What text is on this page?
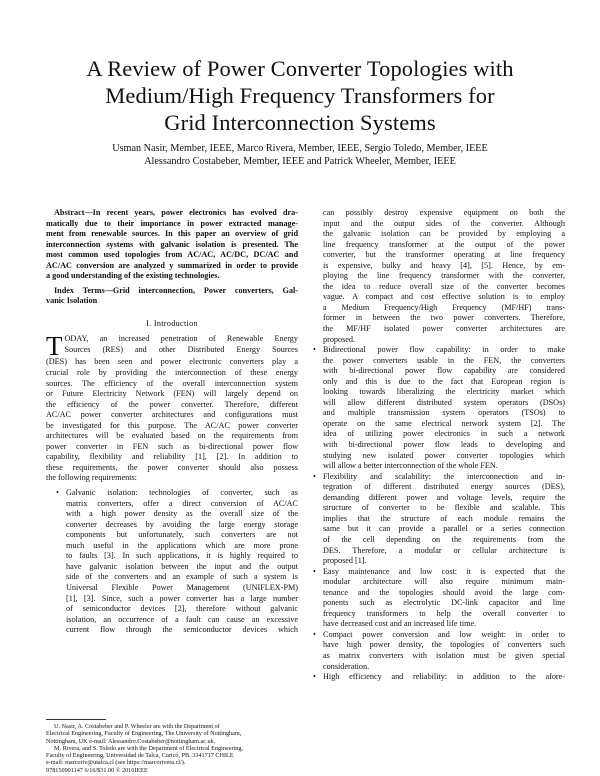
A Review of Power Converter Topologies with
Medium/High Frequency Transformers for
Grid Interconnection Systems
Usman Nasir, Member, IEEE, Marco Rivera, Member, IEEE, Sergio Toledo, Member, IEEE
Alessandro Costabeber, Member, IEEE and Patrick Wheeler, Member, IEEE
Abstract—In recent years, power electronics has evolved dra-
matically due to their importance in power extracted manage-
ment from renewable sources. In this paper an overview of grid
interconnection systems with galvanic isolation is presented. The
most common used topologies from AC/AC, AC/DC, DC/AC and
AC/AC conversion are analyzed y summarized in order to provide
a good understanding of the existing technologies.
Index Terms—Grid interconnection, Power converters, Gal-
vanic Isolation
I. Introduction
T ODAY, an increased penetration of Renewable Energy
Sources (RES) and other Distributed Energy Sources
(DES) has been seen and power electronic converters play a
crucial role by providing the interconnection of these energy
sources. The efficiency of the overall interconnection system
or Future Electricity Network (FEN) will largely depend on
the efficiency of the power converter. Therefore, different
AC/AC power converter architectures and configurations must
be investigated for this purpose. The AC/AC power converter
architectures will be evaluated based on the requirements from
power converter in FEN such as bi-directional power flow
capability, flexibility and reliability [1], [2]. In addition to
these requirements, the power converter should also possess
the following requirements:
• Galvanic isolation: technologies of converter, such as
matrix converters, offer a direct conversion of AC/AC
with a high power density as the overall size of the
converter decreases by avoiding the large energy storage
components but unfortunately, such converters are not
much useful in the applications which are more prone
to faults [3]. In such applications, it is highly required to
have galvanic isolation between the input and the output
side of the converters and an example of such a system is
Universal Flexible Power Management (UNIFLEX-PM)
[1], [3]. Since, such a power converter has a large number
of semiconductor devices [2], therefore without galvanic
isolation, an occurrence of a fault can cause an excessive
current flow through the semiconductor devices which
U. Nasir, A. Costabeber and P. Wheeler are with the Department of
Electrical Engineering, Faculty of Engineering, The University of Nottingham,
Nottingham, UK e-mail: Alessandro.Costabeber@nottingham.ac.uk.
M. Rivera, and S. Toledo are with the Department of Electrical Engineering,
Faculty of Engineering, Universidad de Talca, Curicó, PB. 3341717 CHILE
e-mail: marcoriv@utalca.cl (see https://marcorivera.cl/).
978150901147 6/16/$31.00 © 2016IEEE
can possibly destroy expensive equipment on both the
input and the output sides of the converter. Although
the galvanic isolation can be provided by employing a
line frequency transformer at the output of the power
converter, but the transformer operating at line frequency
is expensive, bulky and heavy [4], [5]. Hence, by em-
ploying the line frequency transformer with the converter,
the idea to reduce overall size of the converter becomes
vague. A compact and cost effective solution is to employ
a Medium Frequency/High Frequency (MF/HF) trans-
former in between the two power converters. Therefore,
the MF/HF isolated power converter architectures are
proposed.
• Bidirectional power flow capability: in order to make
the power converters usable in the FEN, the converters
with bi-directional power flow capability are considered
only and this is due to the fact that European region is
looking towards liberalizing the electricity market which
will allow different distributed system operators (DSOs)
and multiple transmission system operators (TSOs) to
operate on the same electrical network system [2]. The
idea of utilizing power electronics in such a network
with bi-directional power flow leads to developing and
studying new isolated power converter topologies which
will allow a better interconnection of the whole FEN.
• Flexibility and scalability: the interconnection and in-
tegration of different distributed energy sources (DES),
demanding different power and voltage levels, require the
structure of converter to be flexible and scalable. This
implies that the structure of each module remains the
same but it can provide a parallel or a series connection
of the cell depending on the requirements from the
DES. Therefore, a modular or cellular architecture is
proposed [1].
• Easy maintenance and low cost: it is expected that the
modular architecture will also require minimum main-
tenance and the topologies should avoid the large com-
ponents such as electrolytic DC-link capacitor and line
frequency transformers to help the overall converter to
have decreased cost and an increased life time.
• Compact power conversion and low weight: in order to
have high power density, the topologies of converters such
as matrix converters with isolation must be given special
consideration.
• High efficiency and reliability: in addition to the afore-
